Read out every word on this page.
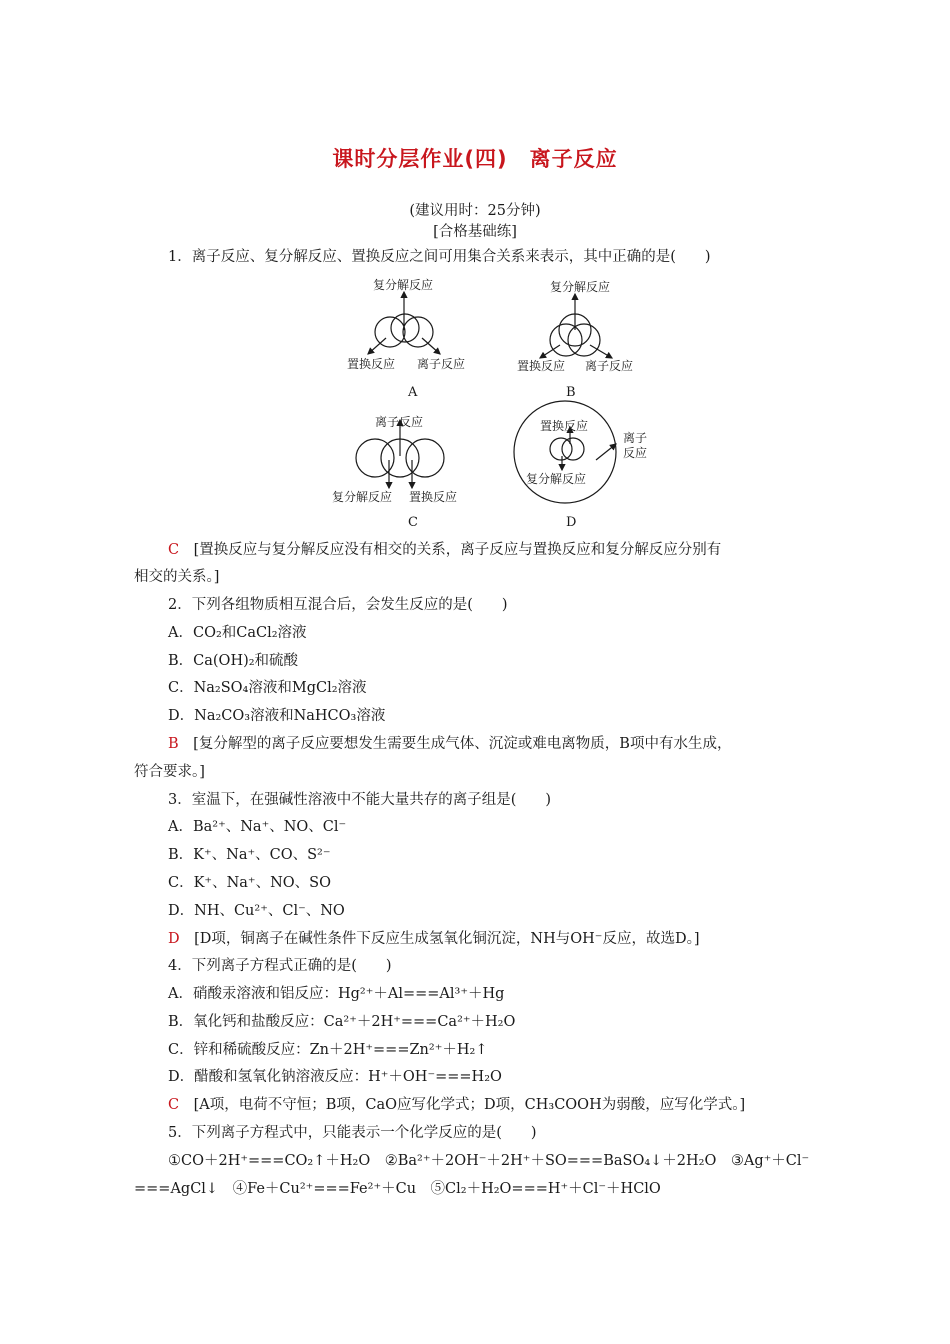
课时分层作业(四)　离子反应
(建议用时：25分钟)
[合格基础练]
1．离子反应、复分解反应、置换反应之间可用集合关系来表示，其中正确的是(　　)
复分解反应
置换反应 离子反应
A
复分解反应
置换反应 离子反应
B
离子反应
复分解反应 置换反应
C
置换反应
复分解反应
离子
反应
D
C　 [置换反应与复分解反应没有相交的关系，离子反应与置换反应和复分解反应分别有
相交的关系。]
2．下列各组物质相互混合后，会发生反应的是(　　)
A．CO₂和CaCl₂溶液
B．Ca(OH)₂和硫酸
C．Na₂SO₄溶液和MgCl₂溶液
D．Na₂CO₃溶液和NaHCO₃溶液
B　 [复分解型的离子反应要想发生需要生成气体、沉淀或难电离物质，B项中有水生成，
符合要求。]
3．室温下，在强碱性溶液中不能大量共存的离子组是(　　)
A．Ba²⁺、Na⁺、NO、Cl⁻
B．K⁺、Na⁺、CO、S²⁻
C．K⁺、Na⁺、NO、SO
D．NH、Cu²⁺、Cl⁻、NO
D　 [D项，铜离子在碱性条件下反应生成氢氧化铜沉淀，NH与OH⁻反应，故选D。]
4．下列离子方程式正确的是(　　)
A．硝酸汞溶液和铝反应：Hg²⁺＋Al===Al³⁺＋Hg
B．氧化钙和盐酸反应：Ca²⁺＋2H⁺===Ca²⁺＋H₂O
C．锌和稀硫酸反应：Zn＋2H⁺===Zn²⁺＋H₂↑
D．醋酸和氢氧化钠溶液反应：H⁺＋OH⁻===H₂O
C　 [A项，电荷不守恒；B项，CaO应写化学式；D项，CH₃COOH为弱酸，应写化学式。]
5．下列离子方程式中，只能表示一个化学反应的是(　　)
①CO＋2H⁺===CO₂↑＋H₂O　②Ba²⁺＋2OH⁻＋2H⁺＋SO===BaSO₄↓＋2H₂O　③Ag⁺＋Cl⁻
===AgCl↓　④Fe＋Cu²⁺===Fe²⁺＋Cu　⑤Cl₂＋H₂O===H⁺＋Cl⁻＋HClO
